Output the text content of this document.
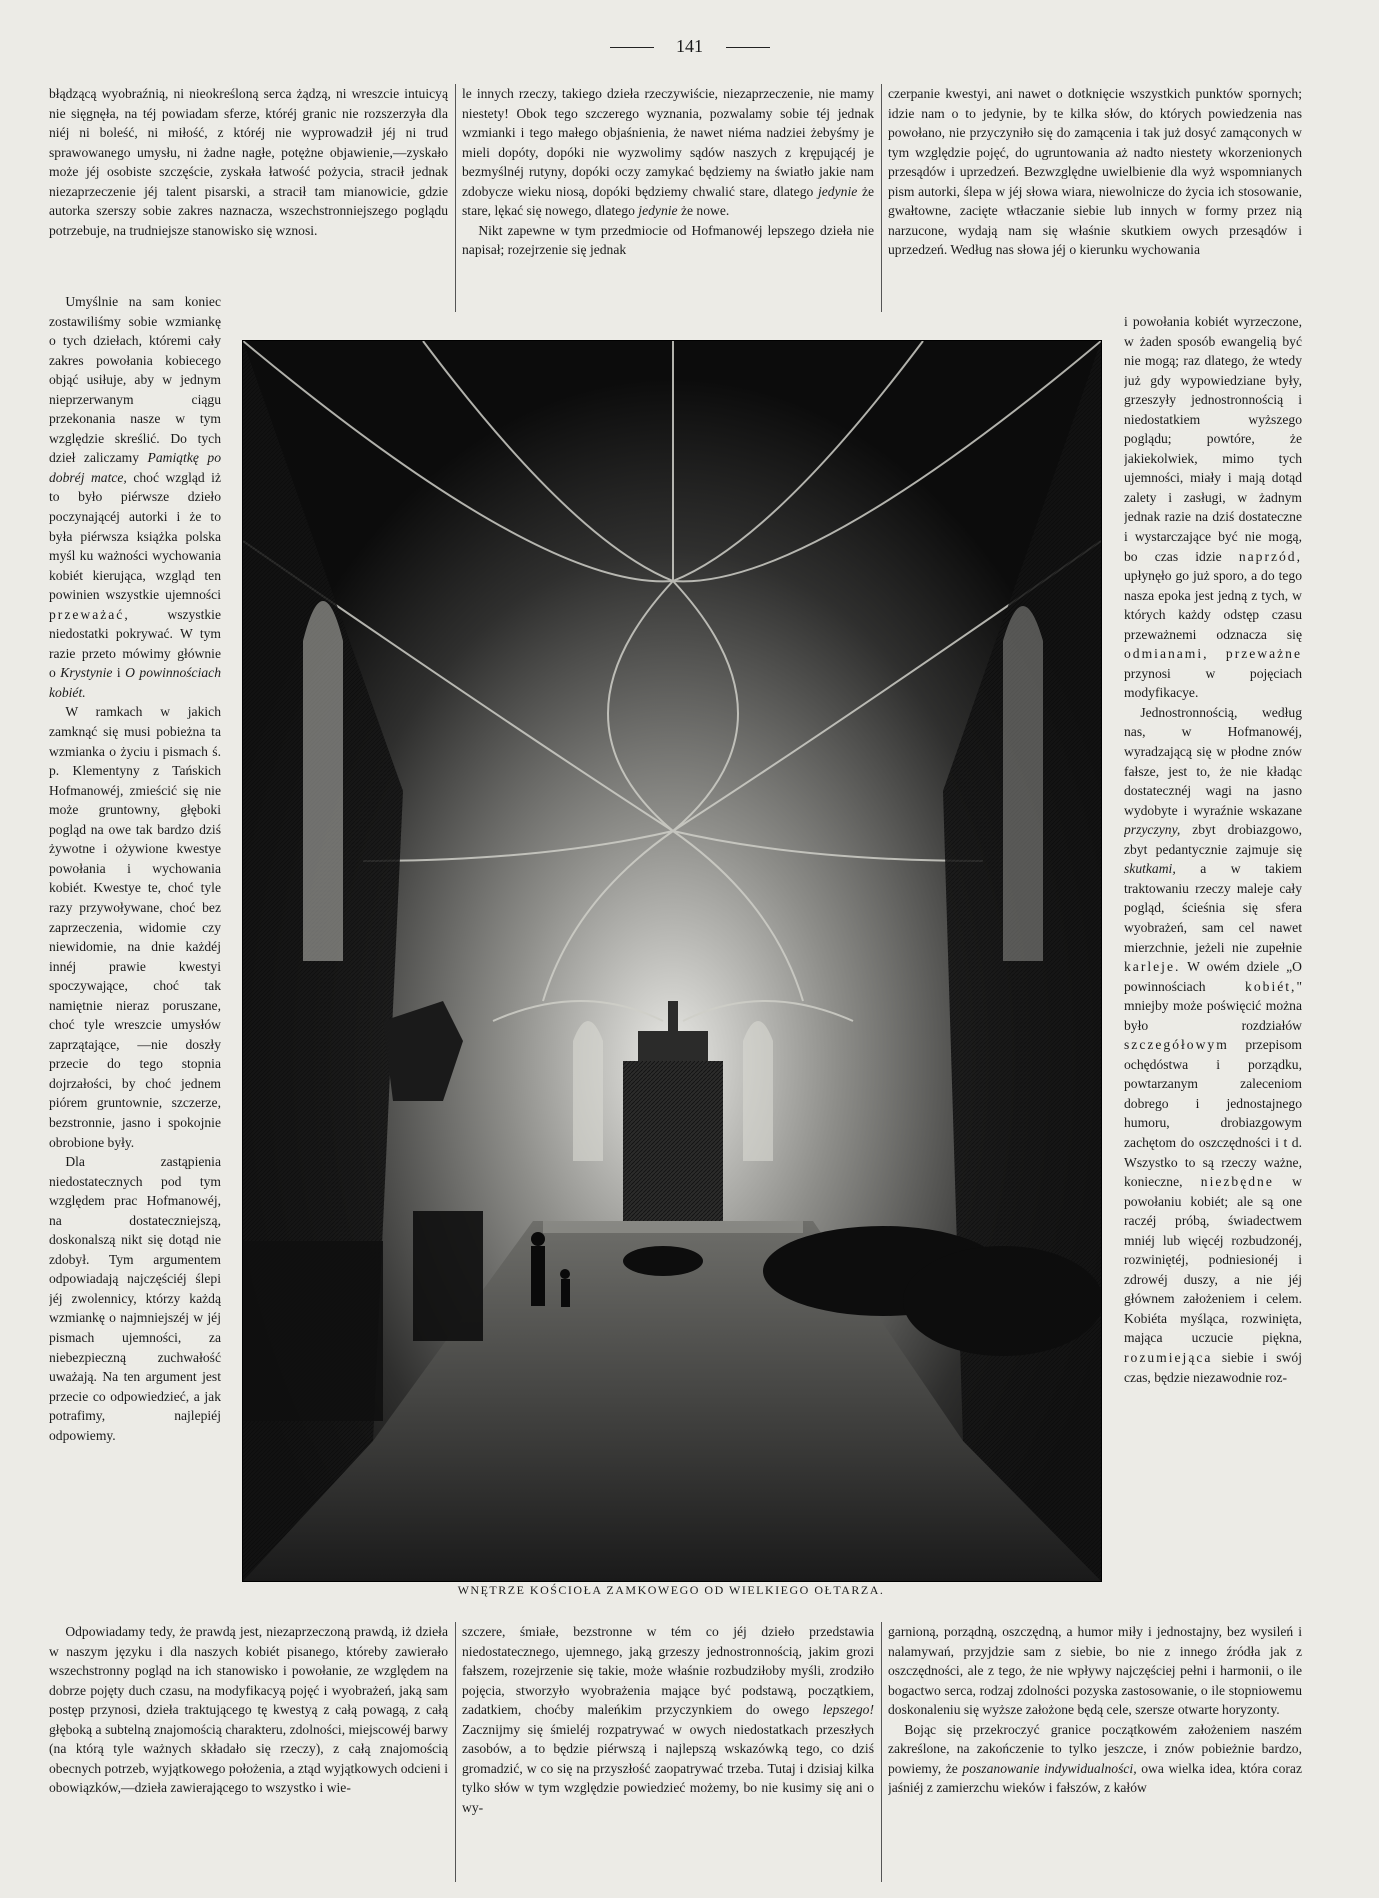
141

błądzącą wyobraźnią, ni nieokreśloną serca żądzą, ni wreszcie intuicyą nie sięgnęła, na téj powiadam sferze, któréj granic nie rozszerzyła dla niéj ni boleść, ni miłość, z któréj nie wyprowadził jéj ni trud sprawowanego umysłu, ni żadne nagłe, potężne objawienie,—zyskało może jéj osobiste szczęście, zyskała łatwość pożycia, stracił jednak niezaprzeczenie jéj talent pisarski, a stracił tam mianowicie, gdzie autorka szerszy sobie zakres naznacza, wszechstronniejszego poglądu potrzebuje, na trudniejsze stanowisko się wznosi.

Umyślnie na sam koniec zostawiliśmy sobie wzmiankę o tych dziełach, któremi cały zakres powołania kobiecego objąć usiłuje, aby w jednym nieprzerwanym ciągu przekonania nasze w tym względzie skreślić. Do tych dzieł zaliczamy Pamiątkę po dobréj matce, choć wzgląd iż to było piérwsze dzieło poczynającéj autorki i że to była piérwsza książka polska myśl ku ważności wychowania kobiét kierująca, wzgląd ten powinien wszystkie ujemności przeważać,	wszystkie niedostatki pokrywać. W tym razie przeto mówimy głównie o Krystynie i O powinnościach kobiét.

W ramkach w jakich zamknąć się musi pobieżna ta wzmianka o życiu i pismach ś. p. Klementyny z Tańskich Hofmanowéj, zmieścić się nie może gruntowny, głęboki pogląd na owe tak bardzo dziś żywotne i ożywione kwestye powołania i wychowania kobiét. Kwestye te, choć tyle razy przywoływane, choć bez zaprzeczenia, widomie czy niewidomie, na dnie każdéj innéj prawie kwestyi spoczywające, choć tak namiętnie nieraz poruszane, choć tyle wreszcie umysłów zaprzątające, —nie doszły przecie do tego stopnia dojrzałości, by choć jednem piórem gruntownie, szczerze, bezstronnie, jasno i spokojnie obrobione były.

Dla zastąpienia niedostatecznych pod tym względem prac Hofmanowéj, na dostateczniejszą, doskonalszą nikt się dotąd nie zdobył. Tym argumentem odpowiadają najczęściéj ślepi jéj zwolennicy, którzy każdą wzmiankę o najmniejszéj w jéj pismach ujemności, za niebezpieczną zuchwałość uważają. Na ten argument jest przecie co odpowiedzieć, a jak potrafimy, najlepiéj odpowiemy.

Odpowiadamy tedy, że prawdą jest, niezaprzeczoną prawdą, iż dzieła w naszym języku i dla naszych kobiét pisanego, któreby zawierało wszechstronny pogląd na ich stanowisko i powołanie, ze względem na dobrze pojęty duch czasu, na modyfikacyą pojęć i wyobrażeń, jaką sam postęp przynosi, dzieła traktującego tę kwestyą z całą powagą, z całą głęboką a subtelną znajomością charakteru, zdolności, miejscowéj barwy (na którą tyle ważnych składało się rzeczy), z całą znajomością obecnych potrzeb, wyjątkowego położenia, a ztąd wyjątkowych odcieni i obowiązków,—dzieła zawierającego to wszystko i wie-

le innych rzeczy, takiego dzieła rzeczywiście, niezaprzeczenie, nie mamy niestety! Obok tego szczerego wyznania, pozwalamy sobie téj jednak wzmianki i tego małego objaśnienia, że nawet niéma nadziei żebyśmy je mieli dopóty, dopóki nie wyzwolimy sądów naszych z krępującéj je bezmyślnéj rutyny, dopóki oczy zamykać będziemy na światło jakie nam zdobycze wieku niosą, dopóki będziemy chwalić stare, dlatego jedynie że stare, lękać się nowego, dlatego jedynie że nowe.

Nikt zapewne w tym przedmiocie od Hofmanowéj lepszego dzieła nie napisał; rozejrzenie się jednak

czerpanie kwestyi, ani nawet o dotknięcie wszystkich punktów spornych; idzie nam o to jedynie, by te kilka słów, do których powiedzenia nas powołano, nie przyczyniło się do zamącenia i tak już dosyć zamąconych w tym względzie pojęć, do ugruntowania aż nadto niestety wkorzenionych przesądów i uprzedzeń. Bezwzględne uwielbienie dla wyż wspomnianych pism autorki, ślepa w jéj słowa wiara, niewolnicze do życia ich stosowanie, gwałtowne, zacięte wtłaczanie siebie lub innych w formy przez nią narzucone, wydają nam się właśnie skutkiem owych przesądów i uprzedzeń. Według nas słowa jéj o kierunku wychowania

i powołania kobiét wyrzeczone, w żaden sposób ewangelią być nie mogą; raz dlatego, że wtedy już gdy wypowiedziane były, grzeszyły jednostronnością i niedostatkiem wyższego poglądu; powtóre, że jakiekolwiek, mimo tych ujemności, miały i mają dotąd zalety i zasługi, w żadnym jednak razie na dziś dostateczne i wystarczające być nie mogą, bo czas idzie naprzód, upłynęło go już sporo, a do tego nasza epoka jest jedną z tych, w których każdy odstęp czasu przeważnemi odznacza się odmianami, przeważne przynosi w pojęciach modyfikacye.

Jednostronnością, według nas, w Hofmanowéj, wyradzającą się w płodne znów fałsze, jest to, że nie kładąc dostatecznéj wagi na jasno wydobyte i wyraźnie wskazane przyczyny, zbyt drobiazgowo, zbyt pedantycznie zajmuje się skutkami, a w takiem traktowaniu rzeczy maleje cały pogląd, ścieśnia się sfera wyobrażeń, sam cel nawet mierzchnie, jeżeli nie zupełnie karleje. W owém dziele „O powinnościach	kobiét," mniejby może poświęcić można było rozdziałów szczegółowym przepisom ochędóstwa i porządku, powtarzanym zaleceniom dobrego i jednostajnego humoru, drobiazgowym zachętom do oszczędności i t d. Wszystko to są rzeczy ważne, konieczne, niezbędne w powołaniu kobiét; ale są one raczéj próbą, świadectwem mniéj lub więcéj rozbudzonéj, rozwiniętéj, podniesionéj i zdrowéj duszy, a nie jéj głównem założeniem i celem. Kobiéta myśląca, rozwinięta, mająca uczucie piękna, rozumiejąca siebie i swój czas, będzie niezawodnie roz-

szczere, śmiałe, bezstronne w tém co jéj dzieło przedstawia niedostatecznego, ujemnego, jaką grzeszy jednostronnością, jakim grozi fałszem, rozejrzenie się takie, może właśnie rozbudziłoby myśli, zrodziło pojęcia, stworzyło wyobrażenia mające być podstawą, początkiem, zadatkiem, choćby maleńkim przyczynkiem do owego lepszego! Zacznijmy się śmieléj rozpatrywać w owych niedostatkach przeszłych zasobów, a to będzie piérwszą i najlepszą wskazówką tego, co dziś gromadzić, w co się na przyszłość zaopatrywać trzeba. Tutaj i dzisiaj kilka tylko słów w tym względzie powiedzieć możemy, bo nie kusimy się ani o wy-

garnioną, porządną, oszczędną, a humor miły i jednostajny, bez wysileń i nalamywań, przyjdzie sam z siebie, bo nie z innego źródła jak z oszczędności, ale z tego, że nie wpływy najczęściej pełni i harmonii, o ile bogactwo serca, rodzaj zdolności pozyska zastosowanie, o ile stopniowemu doskonaleniu się wyższe założone będą cele, szersze otwarte horyzonty.

Bojąc się przekroczyć granice początkowém założeniem naszém zakreślone, na zakończenie to tylko jeszcze, i znów pobieżnie bardzo, powiemy, że poszanowanie indywidualności, owa wielka idea, która coraz jaśniéj z zamierzchu wieków i fałszów, z kałów

WNĘTRZE KOŚCIOŁA ZAMKOWEGO OD WIELKIEGO OŁTARZA.
